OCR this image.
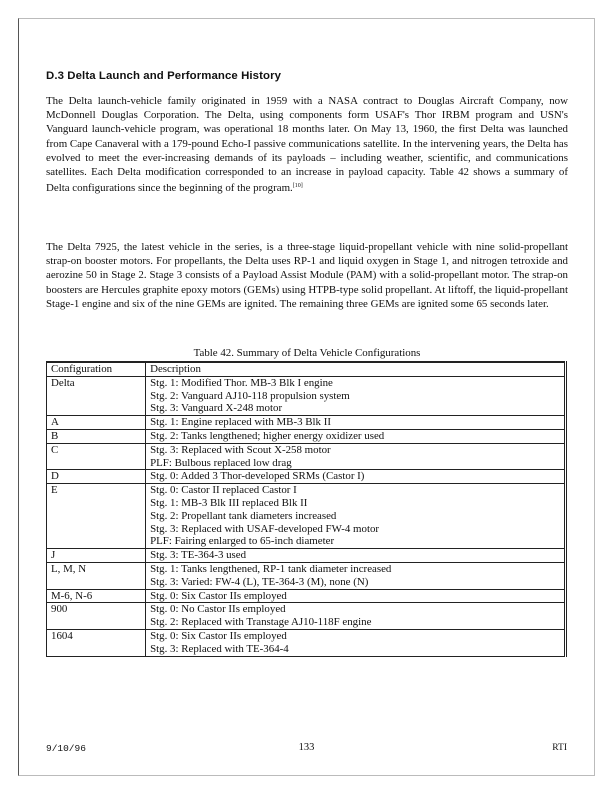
D.3 Delta Launch and Performance History

The Delta launch-vehicle family originated in 1959 with a NASA contract to Douglas Aircraft Company, now McDonnell Douglas Corporation. The Delta, using components form USAF's Thor IRBM program and USN's Vanguard launch-vehicle program, was operational 18 months later. On May 13, 1960, the first Delta was launched from Cape Canaveral with a 179-pound Echo-I passive communications satellite. In the intervening years, the Delta has evolved to meet the ever-increasing demands of its payloads – including weather, scientific, and communications satellites. Each Delta modification corresponded to an increase in payload capacity. Table 42 shows a summary of Delta configurations since the beginning of the program.[10]

The Delta 7925, the latest vehicle in the series, is a three-stage liquid-propellant vehicle with nine solid-propellant strap-on booster motors. For propellants, the Delta uses RP-1 and liquid oxygen in Stage 1, and nitrogen tetroxide and aerozine 50 in Stage 2. Stage 3 consists of a Payload Assist Module (PAM) with a solid-propellant motor. The strap-on boosters are Hercules graphite epoxy motors (GEMs) using HTPB-type solid propellant. At liftoff, the liquid-propellant Stage-1 engine and six of the nine GEMs are ignited. The remaining three GEMs are ignited some 65 seconds later.

Table 42. Summary of Delta Vehicle Configurations

Configuration	Description
Delta	Stg. 1: Modified Thor. MB-3 Blk I engine
Stg. 2: Vanguard AJ10-118 propulsion system
Stg. 3: Vanguard X-248 motor

A	Stg. 1: Engine replaced with MB-3 Blk II

B	Stg. 2: Tanks lengthened; higher energy oxidizer used

C	Stg. 3: Replaced with Scout X-258 motor
PLF: Bulbous replaced low drag

D	Stg. 0: Added 3 Thor-developed SRMs (Castor I)

E	Stg. 0: Castor II replaced Castor I
Stg. 1: MB-3 Blk III replaced Blk II
Stg. 2: Propellant tank diameters increased
Stg. 3: Replaced with USAF-developed FW-4 motor
PLF: Fairing enlarged to 65-inch diameter

J	Stg. 3: TE-364-3 used

L, M, N	Stg. 1: Tanks lengthened, RP-1 tank diameter increased
Stg. 3: Varied: FW-4 (L), TE-364-3 (M), none (N)

M-6, N-6	Stg. 0: Six Castor IIs employed

900	Stg. 0: No Castor IIs employed
Stg. 2: Replaced with Transtage AJ10-118F engine

1604	Stg. 0: Six Castor IIs employed
Stg. 3: Replaced with TE-364-4

9/10/96	133	RTI
